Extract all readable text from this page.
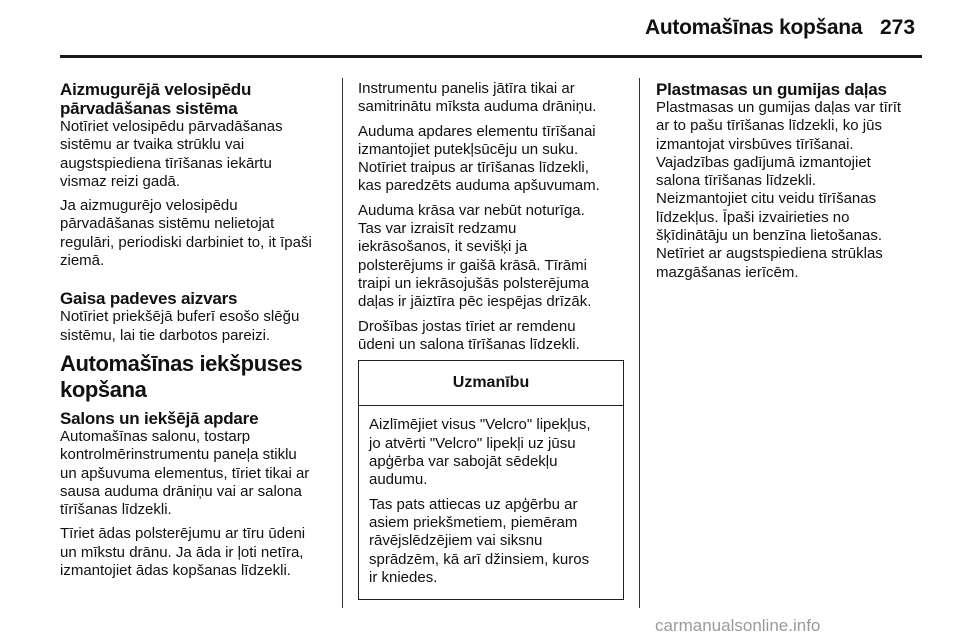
Automašīnas kopšana 273
Aizmugurējā velosipēdu
pārvadāšanas sistēma
Notīriet velosipēdu pārvadāšanas
sistēmu ar tvaika strūklu vai
augstspiediena tīrīšanas iekārtu
vismaz reizi gadā.
Ja aizmugurējo velosipēdu
pārvadāšanas sistēmu nelietojat
regulāri, periodiski darbiniet to, it īpaši
ziemā.
Gaisa padeves aizvars
Notīriet priekšējā buferī esošo slēğu
sistēmu, lai tie darbotos pareizi.
Automašīnas iekšpuses
kopšana
Salons un iekšējā apdare
Automašīnas salonu, tostarp
kontrolmērinstrumentu paneļa stiklu
un apšuvuma elementus, tīriet tikai ar
sausa auduma drāniņu vai ar salona
tīrīšanas līdzekli.
Tīriet ādas polsterējumu ar tīru ūdeni
un mīkstu drānu. Ja āda ir ļoti netīra,
izmantojiet ādas kopšanas līdzekli.
Instrumentu panelis jātīra tikai ar
samitrinātu mīksta auduma drāniņu.
Auduma apdares elementu tīrīšanai
izmantojiet putekļsūcēju un suku.
Notīriet traipus ar tīrīšanas līdzekli,
kas paredzēts auduma apšuvumam.
Auduma krāsa var nebūt noturīga.
Tas var izraisīt redzamu
iekrāsošanos, it sevišķi ja
polsterējums ir gaišā krāsā. Tīrāmi
traipi un iekrāsojušās polsterējuma
daļas ir jāiztīra pēc iespējas drīzāk.
Drošības jostas tīriet ar remdenu
ūdeni un salona tīrīšanas līdzekli.
Uzmanību
Aizlīmējiet visus "Velcro" lipekļus,
jo atvērti "Velcro" lipekļi uz jūsu
apģērba var sabojāt sēdekļu
audumu.
Tas pats attiecas uz apģērbu ar
asiem priekšmetiem, piemēram
rāvējslēdzējiem vai siksnu
sprādzēm, kā arī džinsiem, kuros
ir kniedes.
Plastmasas un gumijas daļas
Plastmasas un gumijas daļas var tīrīt
ar to pašu tīrīšanas līdzekli, ko jūs
izmantojat virsbūves tīrīšanai.
Vajadzības gadījumā izmantojiet
salona tīrīšanas līdzekli.
Neizmantojiet citu veidu tīrīšanas
līdzekļus. Īpaši izvairieties no
šķīdinātāju un benzīna lietošanas.
Netīriet ar augstspiediena strūklas
mazgāšanas ierīcēm.
carmanualsonline.info
